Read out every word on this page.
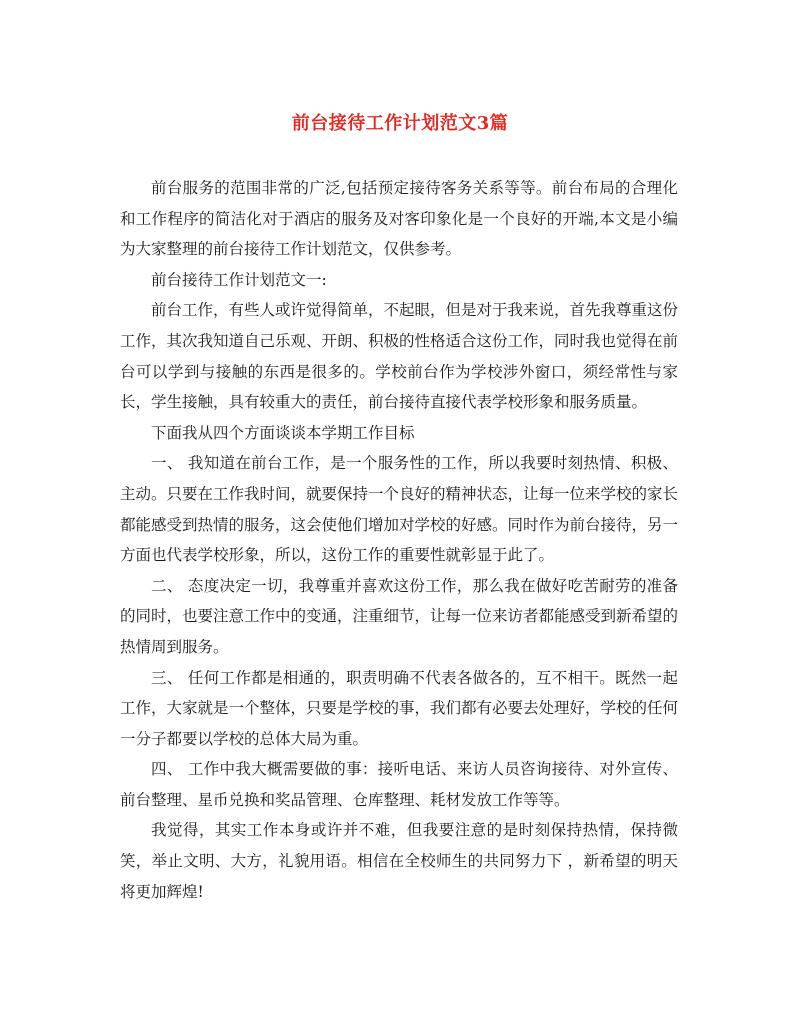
前台接待工作计划范文3篇

前台服务的范围非常的广泛,包括预定接待客务关系等等。前台布局的合理化和工作程序的简洁化对于酒店的服务及对客印象化是一个良好的开端,本文是小编为大家整理的前台接待工作计划范文，仅供参考。

前台接待工作计划范文一:

前台工作，有些人或许觉得简单，不起眼，但是对于我来说，首先我尊重这份工作，其次我知道自己乐观、开朗、积极的性格适合这份工作，同时我也觉得在前台可以学到与接触的东西是很多的。学校前台作为学校涉外窗口，须经常性与家长，学生接触，具有较重大的责任，前台接待直接代表学校形象和服务质量。

下面我从四个方面谈谈本学期工作目标

一、 我知道在前台工作，是一个服务性的工作，所以我要时刻热情、积极、主动。只要在工作我时间，就要保持一个良好的精神状态，让每一位来学校的家长都能感受到热情的服务，这会使他们增加对学校的好感。同时作为前台接待，另一方面也代表学校形象，所以，这份工作的重要性就彰显于此了。

二、 态度决定一切，我尊重并喜欢这份工作，那么我在做好吃苦耐劳的准备的同时，也要注意工作中的变通，注重细节，让每一位来访者都能感受到新希望的热情周到服务。

三、 任何工作都是相通的，职责明确不代表各做各的，互不相干。既然一起工作，大家就是一个整体，只要是学校的事，我们都有必要去处理好，学校的任何一分子都要以学校的总体大局为重。

四、 工作中我大概需要做的事：接听电话、来访人员咨询接待、对外宣传、前台整理、星币兑换和奖品管理、仓库整理、耗材发放工作等等。

我觉得，其实工作本身或许并不难，但我要注意的是时刻保持热情，保持微笑，举止文明、大方，礼貌用语。相信在全校师生的共同努力下 ，新希望的明天将更加辉煌!
